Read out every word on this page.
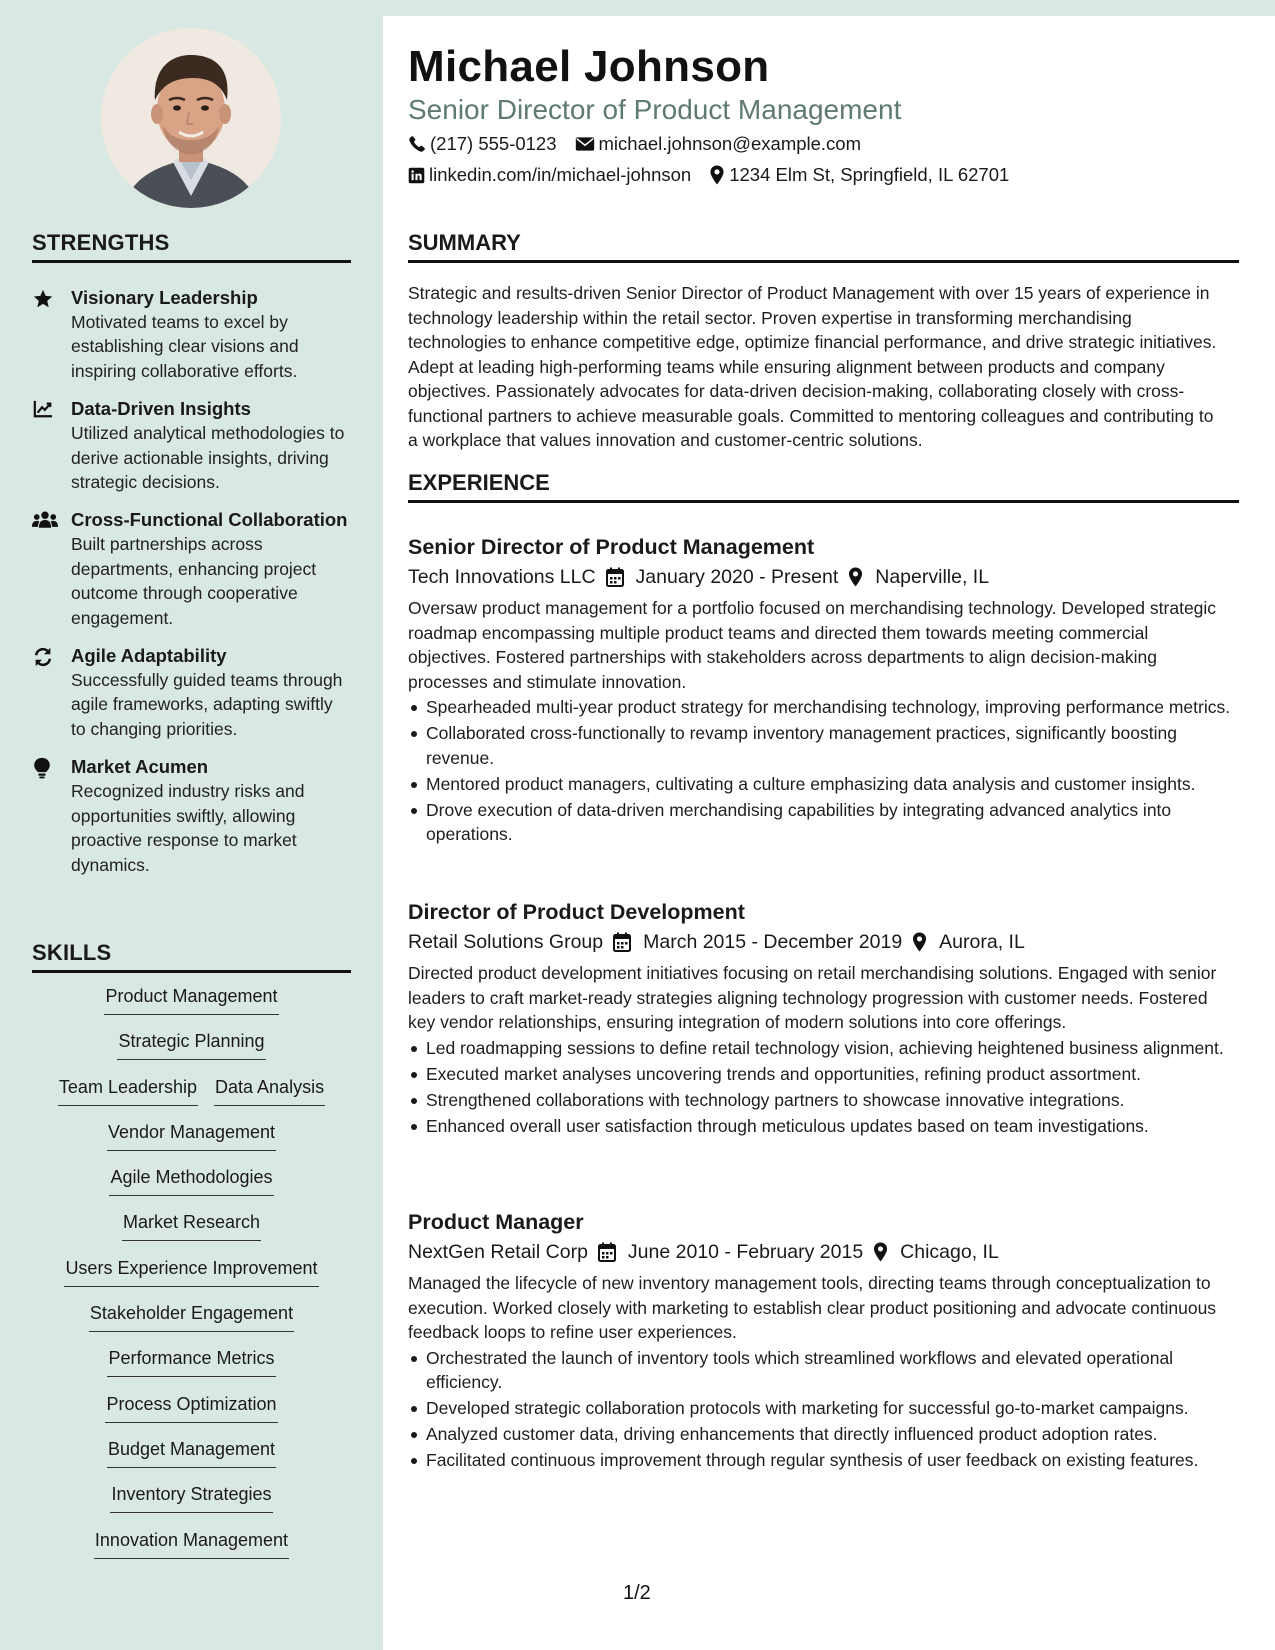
STRENGTHS
Visionary Leadership
Motivated teams to excel by establishing clear visions and inspiring collaborative efforts.
Data-Driven Insights
Utilized analytical methodologies to derive actionable insights, driving strategic decisions.
Cross-Functional Collaboration
Built partnerships across departments, enhancing project outcome through cooperative engagement.
Agile Adaptability
Successfully guided teams through agile frameworks, adapting swiftly to changing priorities.
Market Acumen
Recognized industry risks and opportunities swiftly, allowing proactive response to market dynamics.
SKILLS
Product Management
Strategic Planning
Team Leadership Data Analysis
Vendor Management
Agile Methodologies
Market Research
Users Experience Improvement
Stakeholder Engagement
Performance Metrics
Process Optimization
Budget Management
Inventory Strategies
Innovation Management
Michael Johnson
Senior Director of Product Management
(217) 555-0123 michael.johnson@example.com
linkedin.com/in/michael-johnson 1234 Elm St, Springfield, IL 62701
SUMMARY
Strategic and results-driven Senior Director of Product Management with over 15 years of experience in technology leadership within the retail sector. Proven expertise in transforming merchandising technologies to enhance competitive edge, optimize financial performance, and drive strategic initiatives. Adept at leading high-performing teams while ensuring alignment between products and company objectives. Passionately advocates for data-driven decision-making, collaborating closely with cross-functional partners to achieve measurable goals. Committed to mentoring colleagues and contributing to a workplace that values innovation and customer-centric solutions.
EXPERIENCE
Senior Director of Product Management
Tech Innovations LLC January 2020 - Present Naperville, IL
Oversaw product management for a portfolio focused on merchandising technology. Developed strategic roadmap encompassing multiple product teams and directed them towards meeting commercial objectives. Fostered partnerships with stakeholders across departments to align decision-making processes and stimulate innovation.
Spearheaded multi-year product strategy for merchandising technology, improving performance metrics.
Collaborated cross-functionally to revamp inventory management practices, significantly boosting revenue.
Mentored product managers, cultivating a culture emphasizing data analysis and customer insights.
Drove execution of data-driven merchandising capabilities by integrating advanced analytics into operations.
Director of Product Development
Retail Solutions Group March 2015 - December 2019 Aurora, IL
Directed product development initiatives focusing on retail merchandising solutions. Engaged with senior leaders to craft market-ready strategies aligning technology progression with customer needs. Fostered key vendor relationships, ensuring integration of modern solutions into core offerings.
Led roadmapping sessions to define retail technology vision, achieving heightened business alignment.
Executed market analyses uncovering trends and opportunities, refining product assortment.
Strengthened collaborations with technology partners to showcase innovative integrations.
Enhanced overall user satisfaction through meticulous updates based on team investigations.
Product Manager
NextGen Retail Corp June 2010 - February 2015 Chicago, IL
Managed the lifecycle of new inventory management tools, directing teams through conceptualization to execution. Worked closely with marketing to establish clear product positioning and advocate continuous feedback loops to refine user experiences.
Orchestrated the launch of inventory tools which streamlined workflows and elevated operational efficiency.
Developed strategic collaboration protocols with marketing for successful go-to-market campaigns.
Analyzed customer data, driving enhancements that directly influenced product adoption rates.
Facilitated continuous improvement through regular synthesis of user feedback on existing features.
1/2
